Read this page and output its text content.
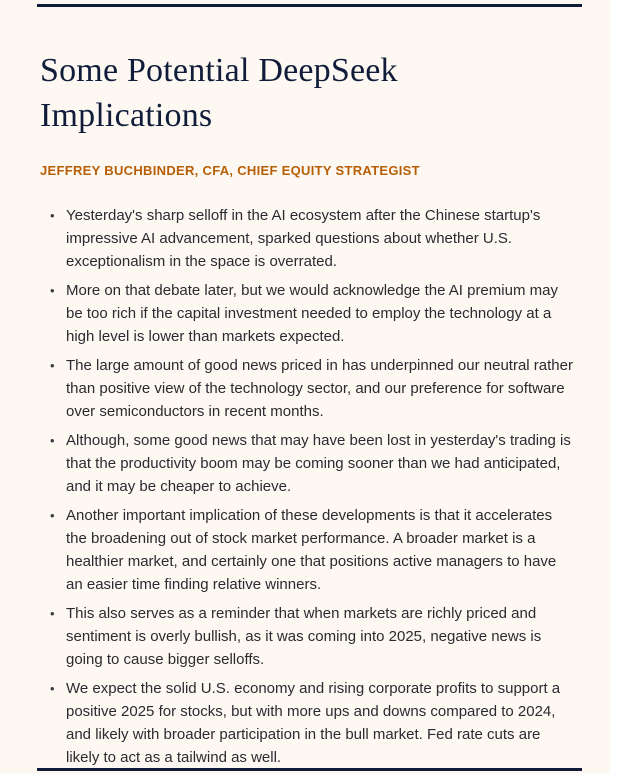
Some Potential DeepSeek Implications
JEFFREY BUCHBINDER, CFA, CHIEF EQUITY STRATEGIST
• Yesterday's sharp selloff in the AI ecosystem after the Chinese startup's impressive AI advancement, sparked questions about whether U.S. exceptionalism in the space is overrated.
• More on that debate later, but we would acknowledge the AI premium may be too rich if the capital investment needed to employ the technology at a high level is lower than markets expected.
• The large amount of good news priced in has underpinned our neutral rather than positive view of the technology sector, and our preference for software over semiconductors in recent months.
• Although, some good news that may have been lost in yesterday's trading is that the productivity boom may be coming sooner than we had anticipated, and it may be cheaper to achieve.
• Another important implication of these developments is that it accelerates the broadening out of stock market performance. A broader market is a healthier market, and certainly one that positions active managers to have an easier time finding relative winners.
• This also serves as a reminder that when markets are richly priced and sentiment is overly bullish, as it was coming into 2025, negative news is going to cause bigger selloffs.
• We expect the solid U.S. economy and rising corporate profits to support a positive 2025 for stocks, but with more ups and downs compared to 2024, and likely with broader participation in the bull market. Fed rate cuts are likely to act as a tailwind as well.
